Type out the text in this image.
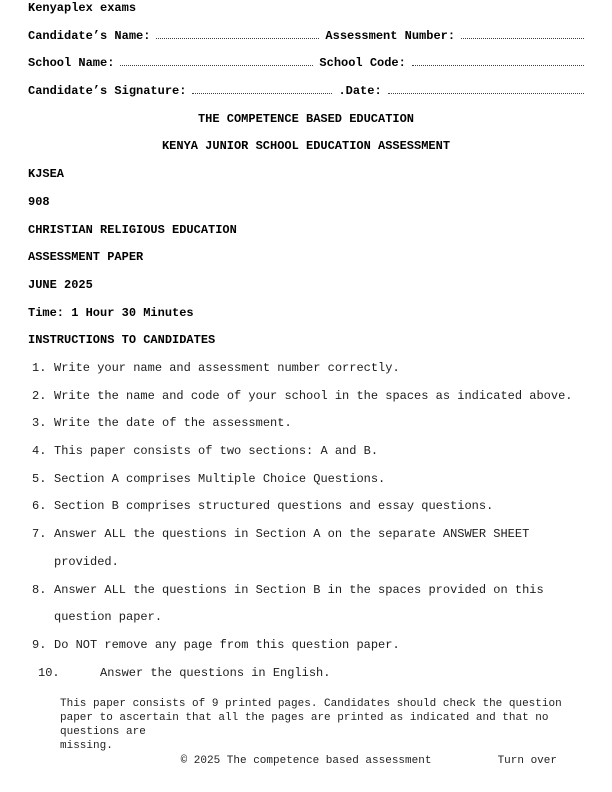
Kenyaplex exams
Candidate’s Name:	Assessment Number:
School Name:	School Code:
Candidate’s Signature:	.Date:
THE COMPETENCE BASED EDUCATION
KENYA JUNIOR SCHOOL EDUCATION ASSESSMENT
KJSEA
908
CHRISTIAN RELIGIOUS EDUCATION
ASSESSMENT PAPER
JUNE 2025
Time: 1 Hour 30 Minutes
INSTRUCTIONS TO CANDIDATES
1. Write your name and assessment number correctly.
2. Write the name and code of your school in the spaces as indicated above.
3. Write the date of the assessment.
4. This paper consists of two sections: A and B.
5. Section A comprises Multiple Choice Questions.
6. Section B comprises structured questions and essay questions.
7. Answer ALL the questions in Section A on the separate ANSWER SHEET provided.
8. Answer ALL the questions in Section B in the spaces provided on this question paper.
9. Do NOT remove any page from this question paper.
10.	Answer the questions in English.
This paper consists of 9 printed pages. Candidates should check the question
paper to ascertain that all the pages are printed as indicated and that no
questions are
missing.
© 2025 The competence based assessment	Turn over
